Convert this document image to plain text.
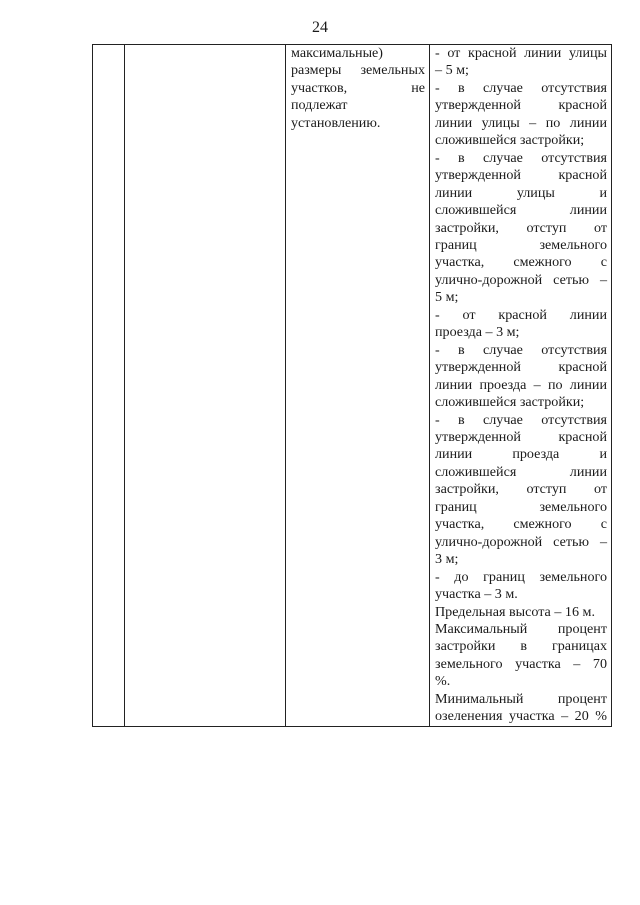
24

максимальные)
размеры земельных
участков, не
подлежат
установлению.

- от красной линии улицы
– 5 м;
- в случае отсутствия
утвержденной красной
линии улицы – по линии
сложившейся застройки;
- в случае отсутствия
утвержденной красной
линии улицы и
сложившейся линии
застройки, отступ от
границ земельного
участка, смежного с
улично-дорожной сетью –
5 м;
- от красной линии
проезда – 3 м;
- в случае отсутствия
утвержденной красной
линии проезда – по линии
сложившейся застройки;
- в случае отсутствия
утвержденной красной
линии проезда и
сложившейся линии
застройки, отступ от
границ земельного
участка, смежного с
улично-дорожной сетью –
3 м;
- до границ земельного
участка – 3 м.
Предельная высота – 16 м.
Максимальный процент
застройки в границах
земельного участка – 70
%.
Минимальный процент
озеленения участка – 20 %
